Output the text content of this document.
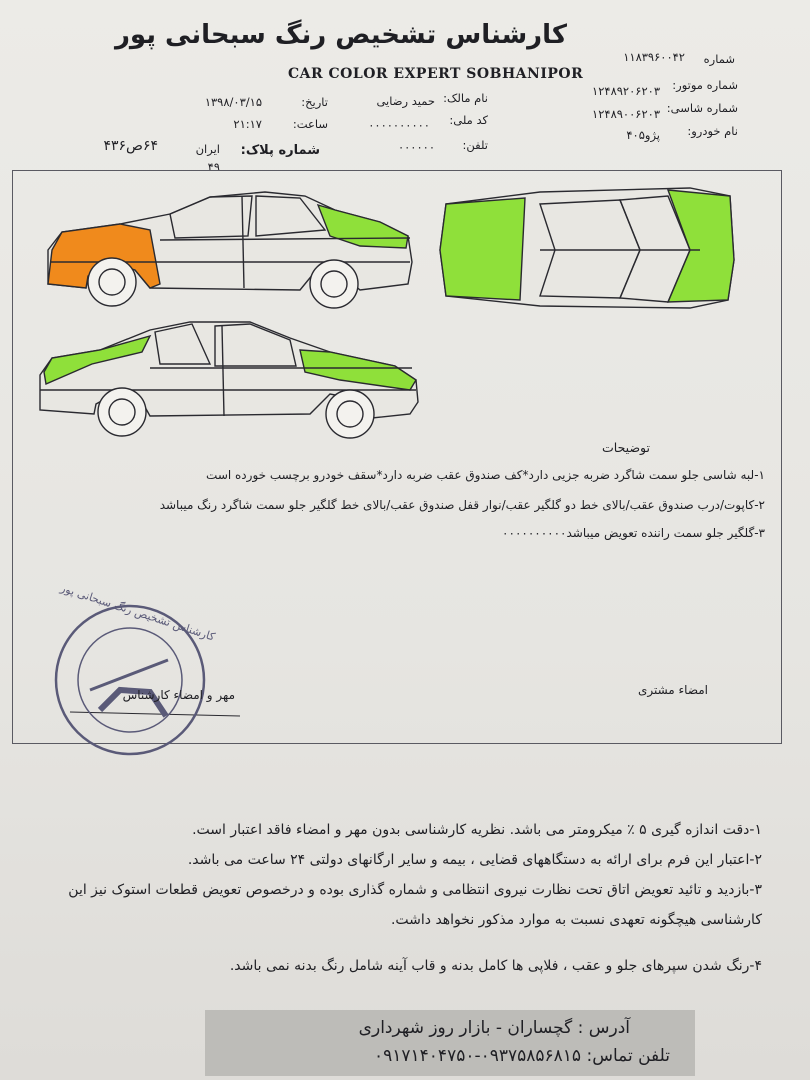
کارشناس تشخیص رنگ سبحانی پور
CAR COLOR EXPERT SOBHANIPOR
شماره
۱۱۸۳۹۶۰۰۴۲
شماره موتور:
۱۲۴۸۹۲۰۶۲۰۳
شماره شاسی:
۱۲۴۸۹۰۰۶۲۰۳
نام خودرو:
پژو۴۰۵
نام مالک:
حمید رضایی
کد ملی:
۰۰۰۰۰۰۰۰۰۰
تلفن:
۰۰۰۰۰۰
تاریخ:
۱۳۹۸/۰۳/۱۵
ساعت:
۲۱:۱۷
شماره پلاک:
ایران
۴۹
۶۴ص۴۳۶
کارشناس تشخیص رنگ سبحانی پور
توضیحات
۱-لبه شاسی جلو سمت شاگرد ضربه جزیی دارد*کف صندوق عقب ضربه دارد*سقف خودرو برچسب خورده است
۲-کاپوت/درب صندوق عقب/بالای خط دو گلگیر عقب/نوار قفل صندوق عقب/بالای خط گلگیر جلو سمت شاگرد رنگ میباشد
۳-گلگیر جلو سمت راننده تعویض میباشد۰۰۰۰۰۰۰۰۰۰
امضاء مشتری
مهر و امضاء کارشناس
۱-دقت اندازه گیری ۵ ٪ میکرومتر می باشد. نظریه کارشناسی بدون مهر و امضاء فاقد اعتبار است.
۲-اعتبار این فرم برای ارائه به دستگاههای قضایی ، بیمه و سایر ارگانهای دولتی ۲۴ ساعت می باشد.
۳-بازدید و تائید تعویض اتاق تحت نظارت نیروی انتظامی و شماره گذاری بوده و درخصوص تعویض قطعات استوک نیز این
کارشناسی هیچگونه تعهدی نسبت به موارد مذکور نخواهد داشت.
۴-رنگ شدن سپرهای جلو و عقب ، فلاپی ها کامل بدنه و قاب آینه شامل رنگ بدنه نمی باشد.
آدرس : گچساران - بازار روز شهرداری
تلفن تماس: ۰۹۳۷۵۸۵۶۸۱۵-۰۹۱۷۱۴۰۴۷۵۰
